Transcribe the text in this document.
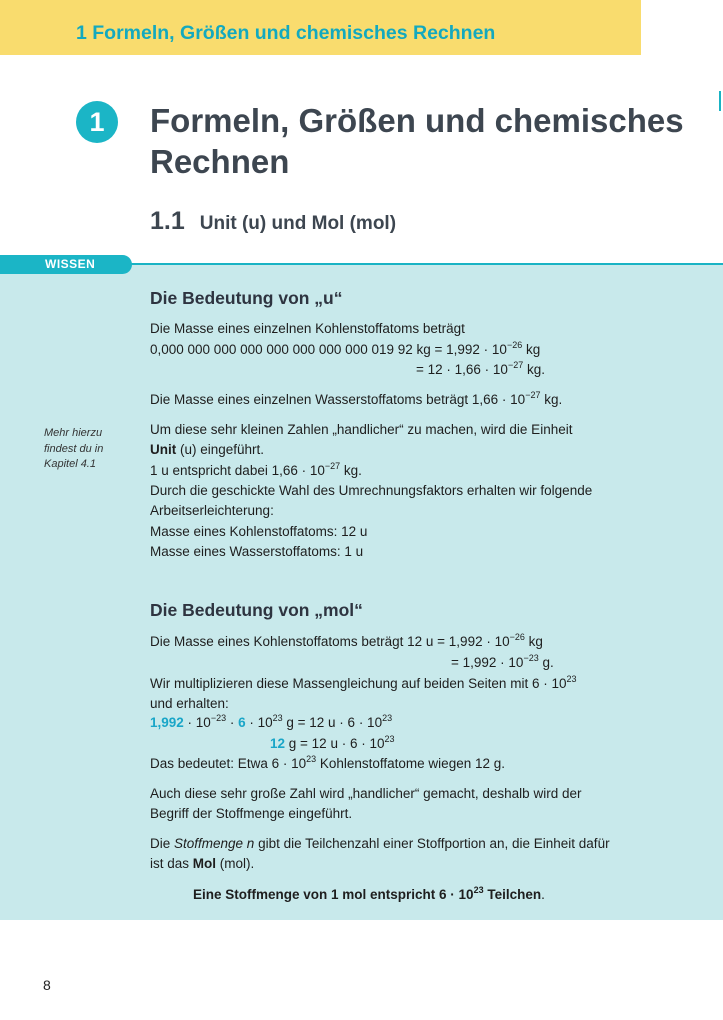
1 Formeln, Größen und chemisches Rechnen
1	Formeln, Größen und chemisches Rechnen
1.1 Unit (u) und Mol (mol)
WISSEN
Mehr hierzu findest du in Kapitel 4.1
Die Bedeutung von „u“
Die Masse eines einzelnen Kohlenstoffatoms beträgt
0,000 000 000 000 000 000 000 000 019 92 kg = $1,992 \cdot 10^{-26}$ kg
= $12 \cdot 1,66 \cdot 10^{-27}$ kg.
Die Masse eines einzelnen Wasserstoffatoms beträgt $1,66 \cdot 10^{-27}$ kg.
Um diese sehr kleinen Zahlen „handlicher“ zu machen, wird die Einheit
Unit (u) eingeführt.
1 u entspricht dabei $1,66 \cdot 10^{-27}$ kg.
Durch die geschickte Wahl des Umrechnungsfaktors erhalten wir folgende
Arbeitserleichterung:
Masse eines Kohlenstoffatoms: 12 u
Masse eines Wasserstoffatoms: 1 u
Die Bedeutung von „mol“
Die Masse eines Kohlenstoffatoms beträgt 12 $u = 1,992 \cdot 10^{-26}$ kg
= $1,992 \cdot 10^{-23}$ g.
Wir multiplizieren diese Massengleichung auf beiden Seiten mit $6 \cdot 10^{23}$
und erhalten:
$1,992 \cdot 10^{-23} \cdot 6 \cdot 10^{23}$ g = 12 $u \cdot 6 \cdot 10^{23}$
12 g = 12 $u \cdot 6 \cdot 10^{23}$
Das bedeutet: Etwa $6 \cdot 10^{23}$ Kohlenstoffatome wiegen 12 g.
Auch diese sehr große Zahl wird „handlicher“ gemacht, deshalb wird der
Begriff der Stoffmenge eingeführt.
Die Stoffmenge n gibt die Teilchenzahl einer Stoffportion an, die Einheit dafür
ist das Mol (mol).
Eine Stoffmenge von 1 mol entspricht $6 \cdot 10^{23}$ Teilchen.
8
